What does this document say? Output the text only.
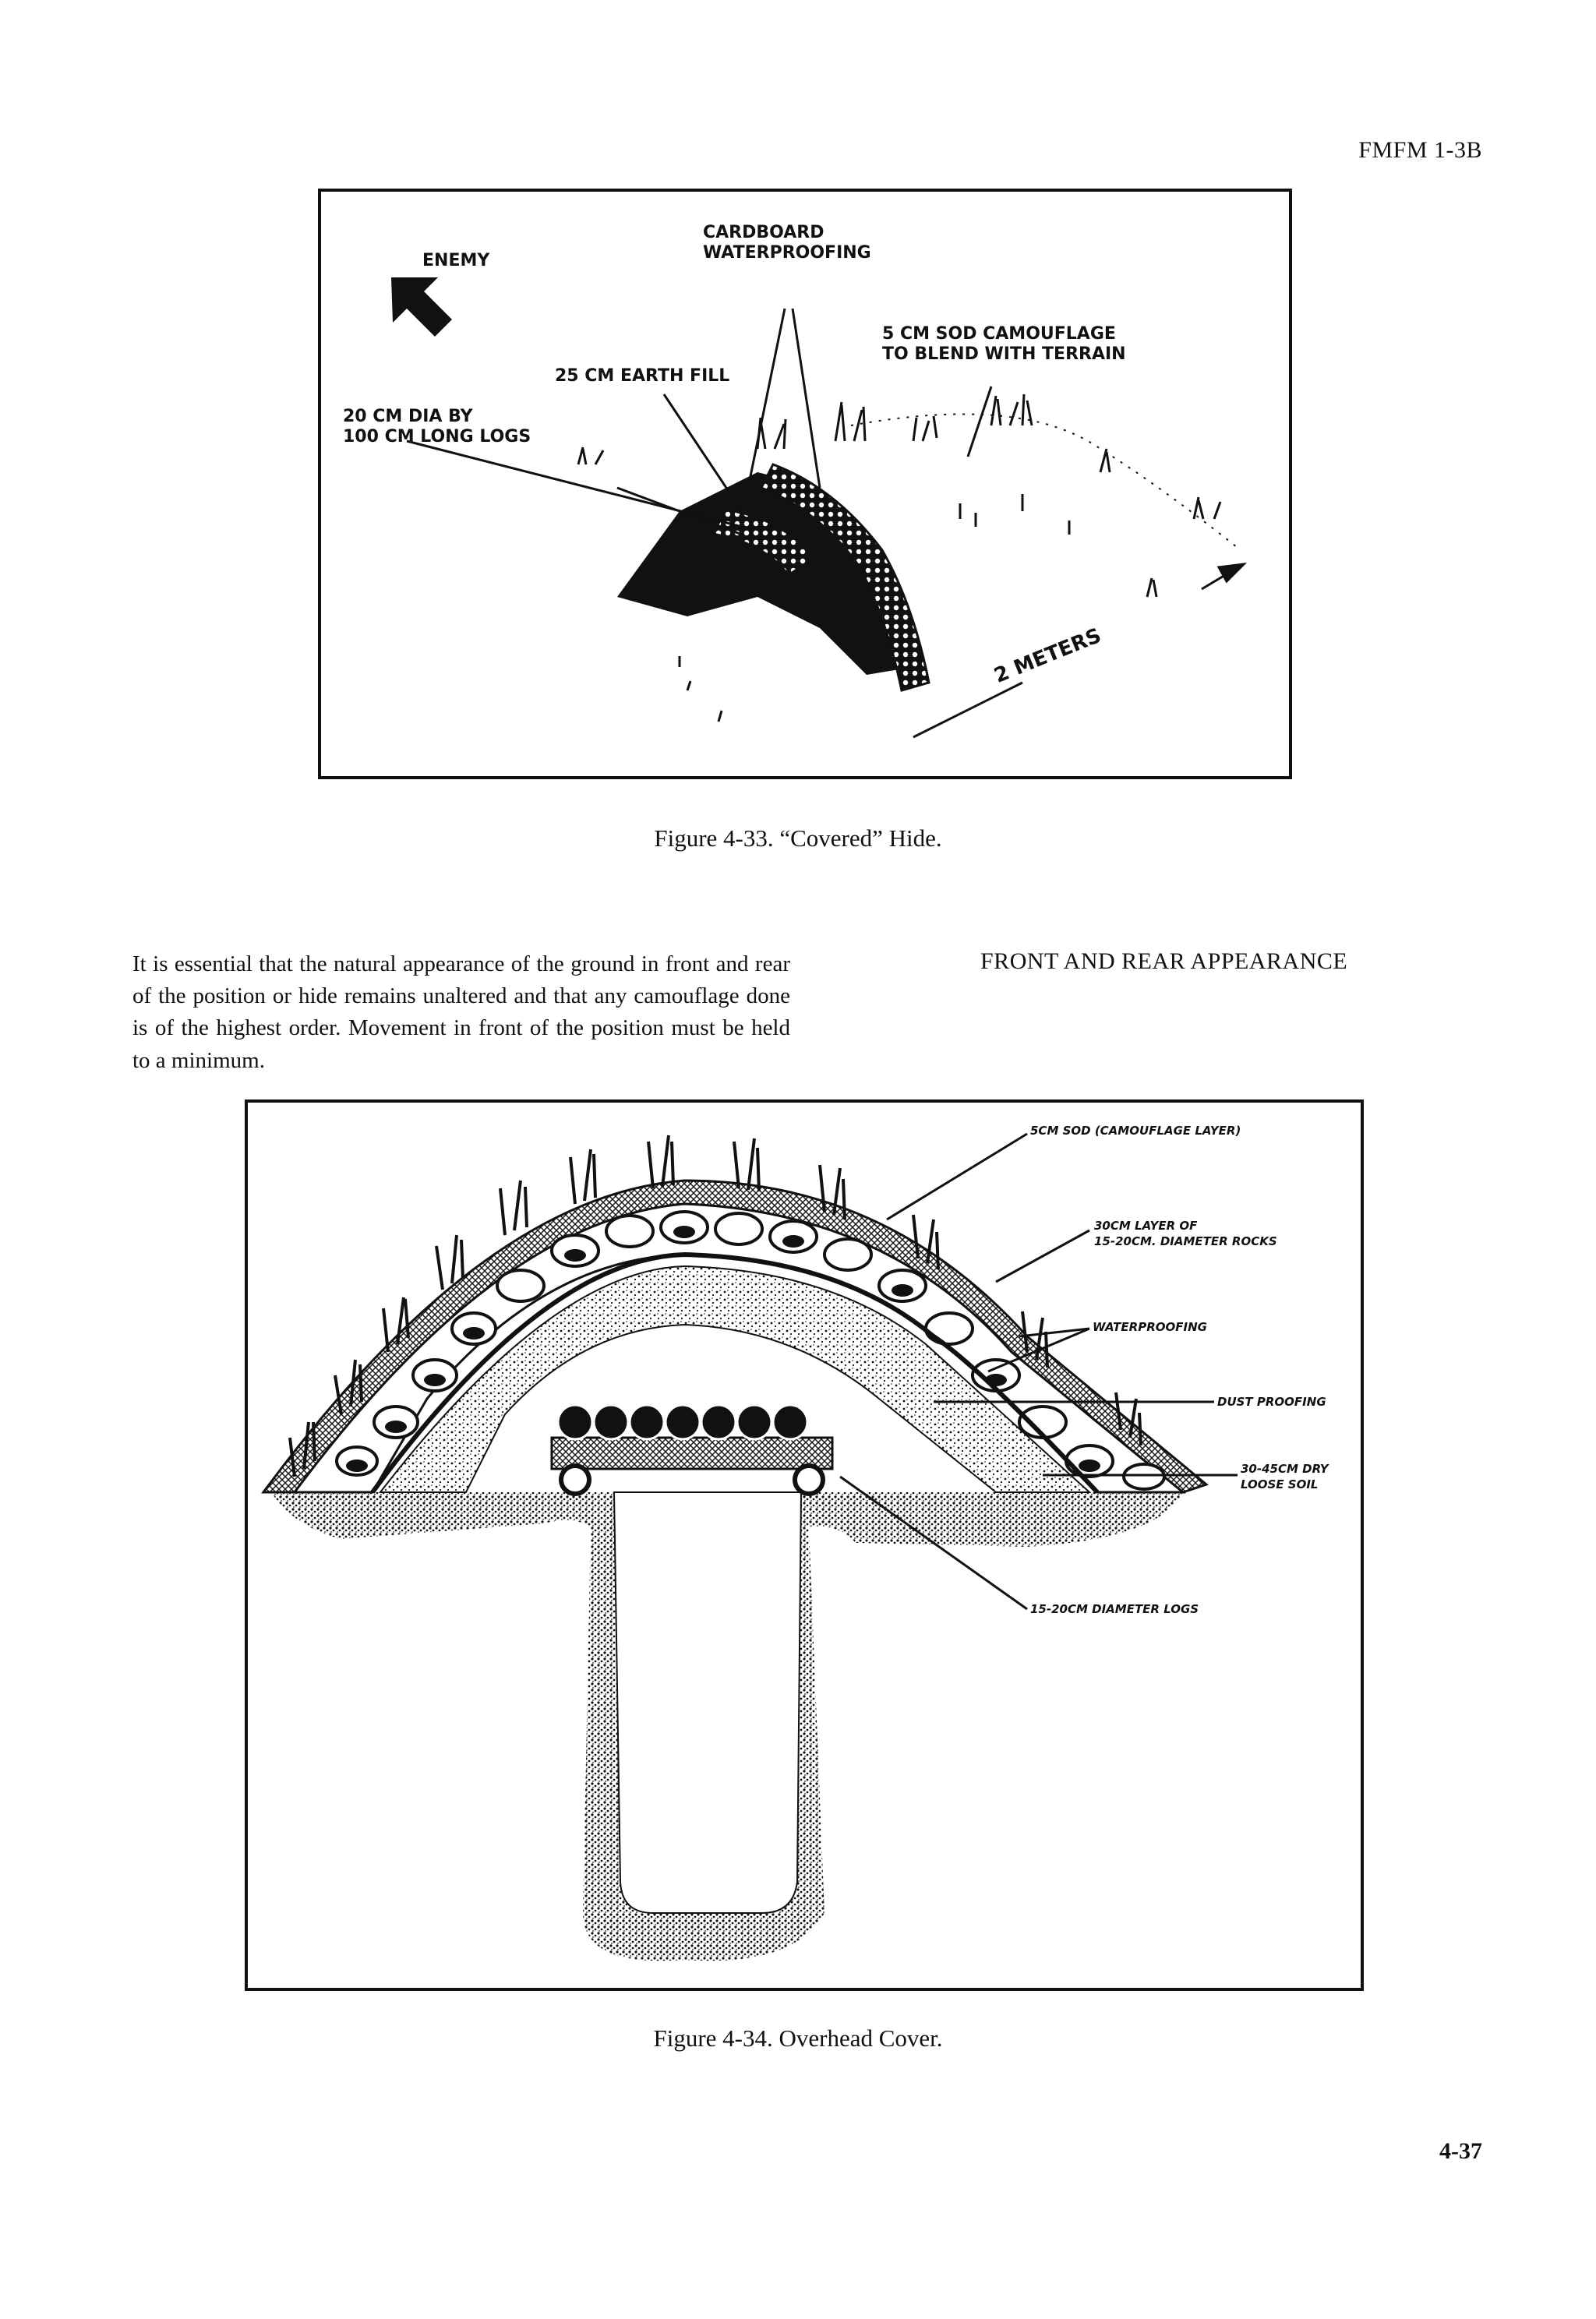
FMFM 1-3B
ENEMY
CARDBOARD
WATERPROOFING
25 CM EARTH FILL
5 CM SOD CAMOUFLAGE
TO BLEND WITH TERRAIN
20 CM DIA BY
100 CM LONG LOGS
2 METERS
Figure 4-33. “Covered” Hide.
It is essential that the natural appearance of the ground in front and rear of the position or hide remains unaltered and that any camouflage done is of the highest order. Movement in front of the position must be held to a minimum.
FRONT AND REAR APPEARANCE
5CM SOD (CAMOUFLAGE LAYER)
30CM LAYER OF
15-20CM. DIAMETER ROCKS
WATERPROOFING
DUST PROOFING
30-45CM DRY
LOOSE SOIL
15-20CM DIAMETER LOGS
Figure 4-34. Overhead Cover.
4-37
